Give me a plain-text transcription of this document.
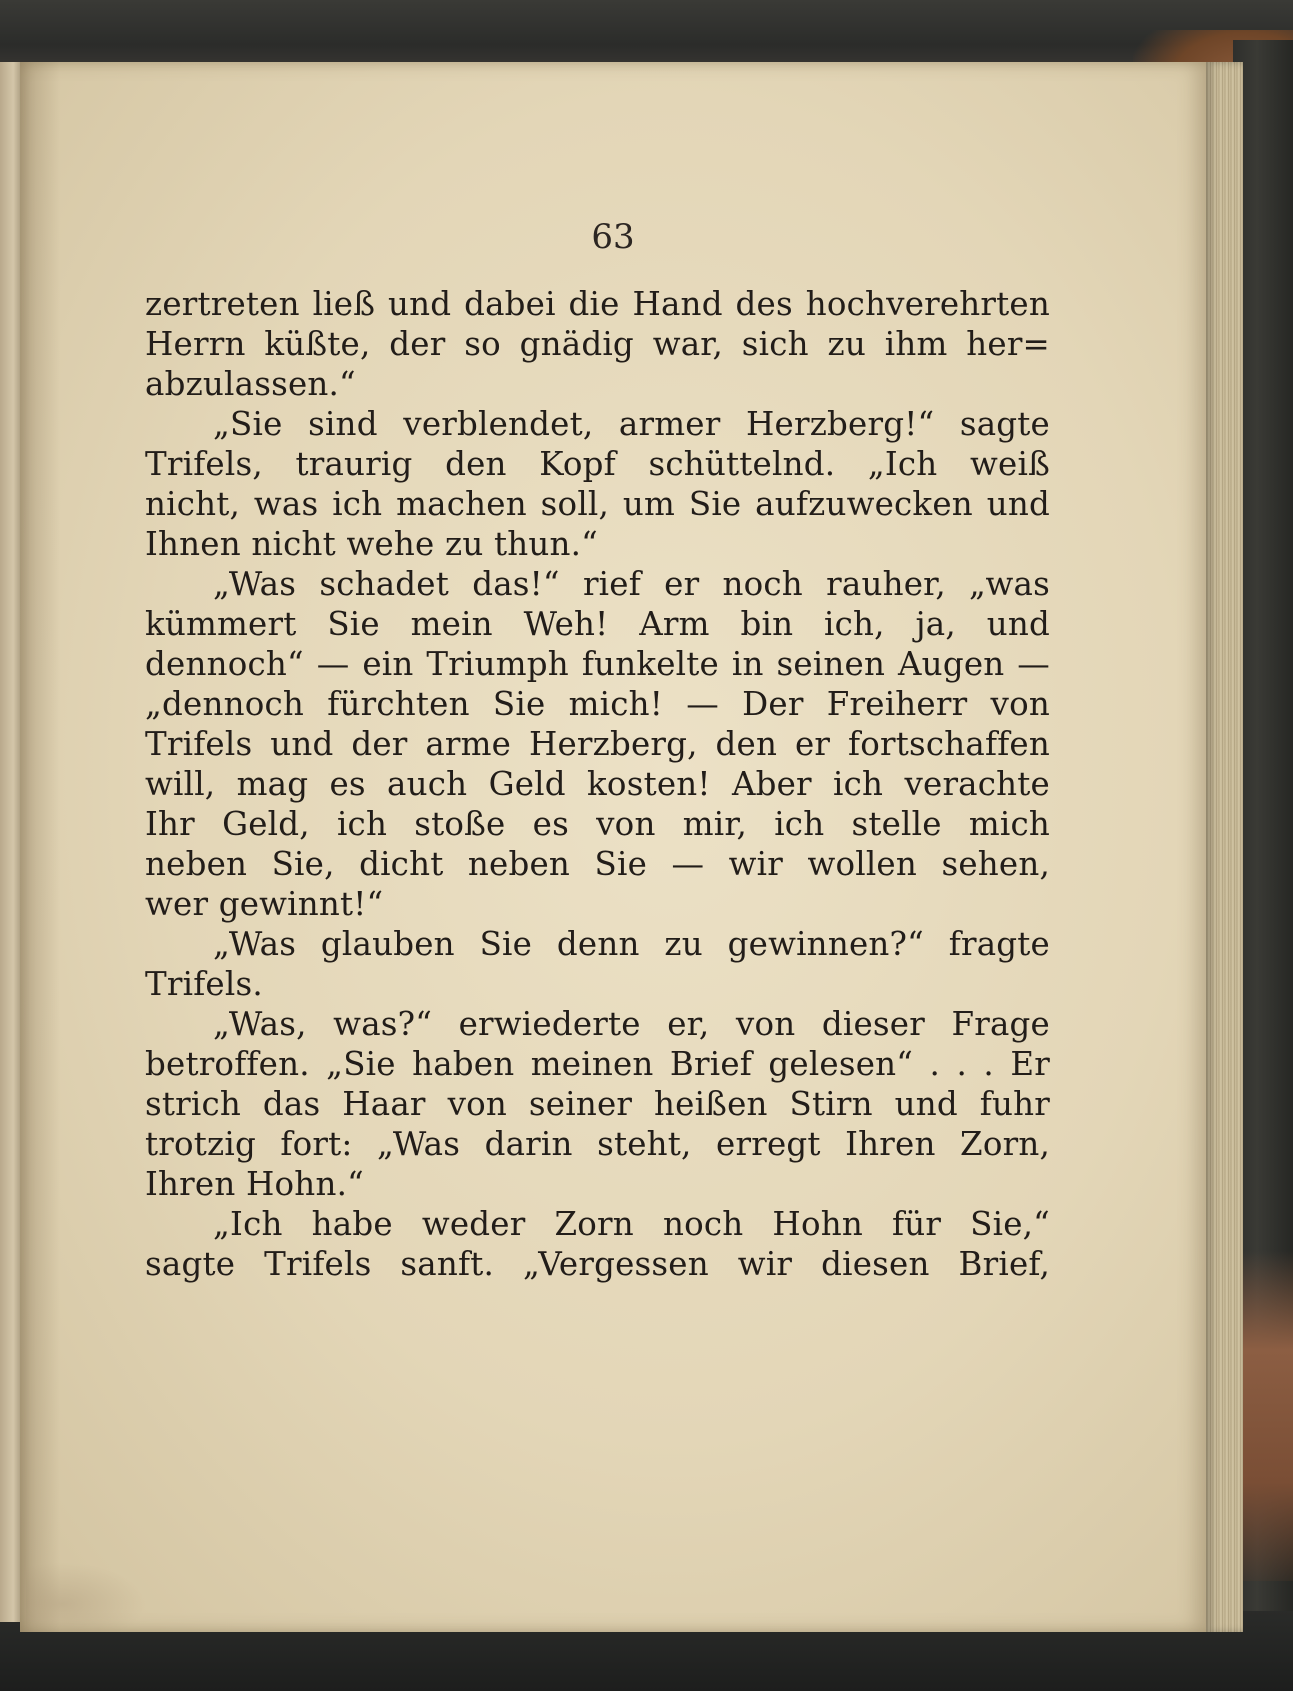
63
zertreten ließ und dabei die Hand des hochverehrten
Herrn küßte, der so gnädig war, sich zu ihm her=
abzulassen.“
„Sie sind verblendet, armer Herzberg!“ sagte
Trifels, traurig den Kopf schüttelnd. „Ich weiß
nicht, was ich machen soll, um Sie aufzuwecken und
Ihnen nicht wehe zu thun.“
„Was schadet das!“ rief er noch rauher, „was
kümmert Sie mein Weh! Arm bin ich, ja, und
dennoch“ — ein Triumph funkelte in seinen Augen —
„dennoch fürchten Sie mich! — Der Freiherr von
Trifels und der arme Herzberg, den er fortschaffen
will, mag es auch Geld kosten! Aber ich verachte
Ihr Geld, ich stoße es von mir, ich stelle mich
neben Sie, dicht neben Sie — wir wollen sehen,
wer gewinnt!“
„Was glauben Sie denn zu gewinnen?“ fragte
Trifels.
„Was, was?“ erwiederte er, von dieser Frage
betroffen. „Sie haben meinen Brief gelesen“ . . . Er
strich das Haar von seiner heißen Stirn und fuhr
trotzig fort: „Was darin steht, erregt Ihren Zorn,
Ihren Hohn.“
„Ich habe weder Zorn noch Hohn für Sie,“
sagte Trifels sanft. „Vergessen wir diesen Brief,
